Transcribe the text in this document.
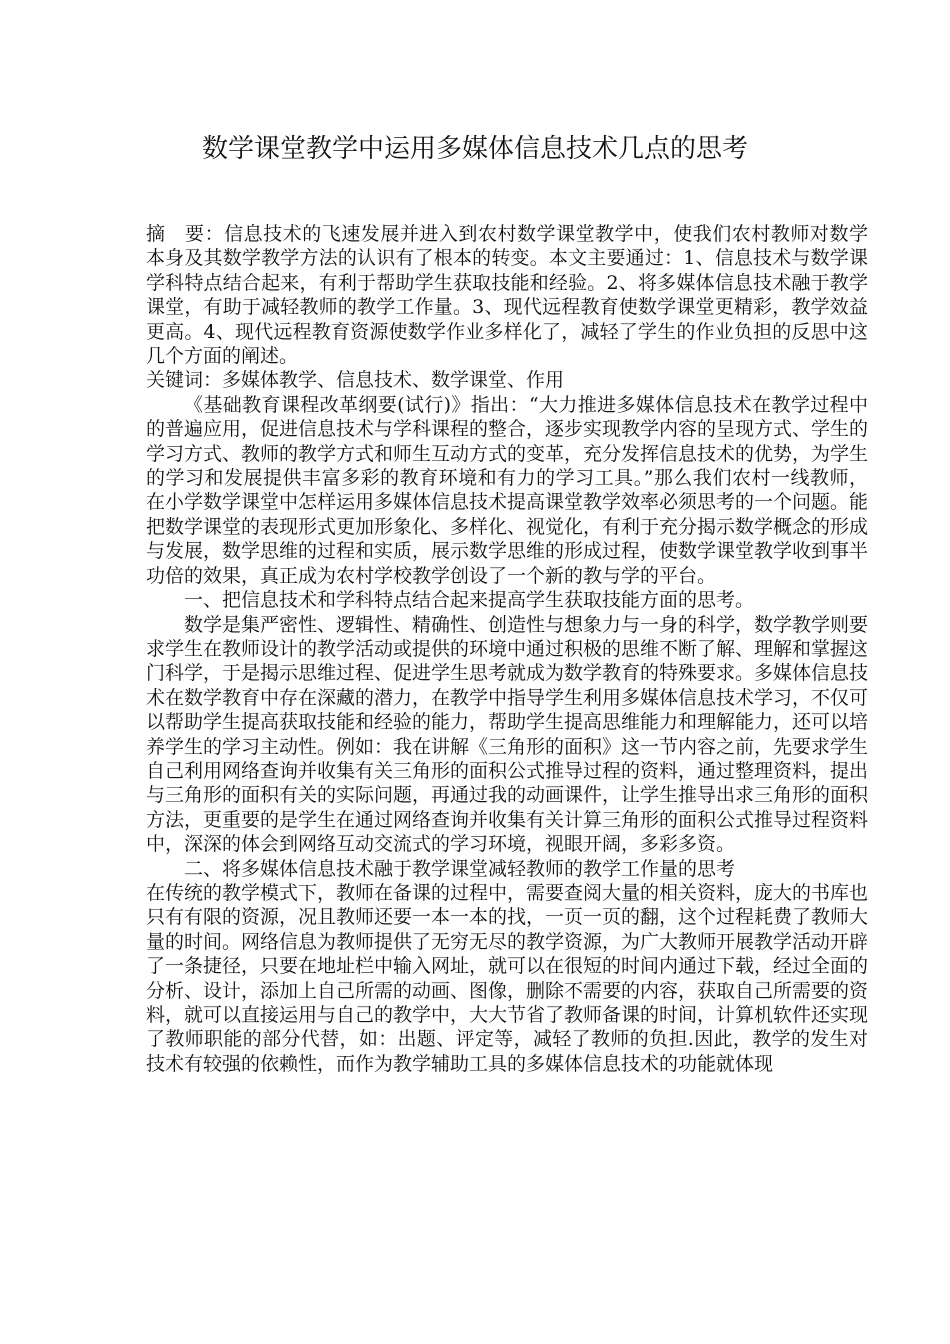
数学课堂教学中运用多媒体信息技术几点的思考

摘　要：信息技术的飞速发展并进入到农村数学课堂教学中，使我们农村教师对数学本身及其数学教学方法的认识有了根本的转变。本文主要通过：1、信息技术与数学课学科特点结合起来，有利于帮助学生获取技能和经验。2、将多媒体信息技术融于教学课堂，有助于减轻教师的教学工作量。3、现代远程教育使数学课堂更精彩，教学效益更高。4、现代远程教育资源使数学作业多样化了，减轻了学生的作业负担的反思中这几个方面的阐述。

关键词：多媒体教学、信息技术、数学课堂、作用

《基础教育课程改革纲要(试行)》指出：“大力推进多媒体信息技术在教学过程中的普遍应用，促进信息技术与学科课程的整合，逐步实现教学内容的呈现方式、学生的学习方式、教师的教学方式和师生互动方式的变革，充分发挥信息技术的优势，为学生的学习和发展提供丰富多彩的教育环境和有力的学习工具。”那么我们农村一线教师，在小学数学课堂中怎样运用多媒体信息技术提高课堂教学效率必须思考的一个问题。能把数学课堂的表现形式更加形象化、多样化、视觉化，有利于充分揭示数学概念的形成与发展，数学思维的过程和实质，展示数学思维的形成过程，使数学课堂教学收到事半功倍的效果，真正成为农村学校教学创设了一个新的教与学的平台。

一、把信息技术和学科特点结合起来提高学生获取技能方面的思考。

数学是集严密性、逻辑性、精确性、创造性与想象力与一身的科学，数学教学则要求学生在教师设计的教学活动或提供的环境中通过积极的思维不断了解、理解和掌握这门科学，于是揭示思维过程、促进学生思考就成为数学教育的特殊要求。多媒体信息技术在数学教育中存在深藏的潜力，在教学中指导学生利用多媒体信息技术学习，不仅可以帮助学生提高获取技能和经验的能力，帮助学生提高思维能力和理解能力，还可以培养学生的学习主动性。例如：我在讲解《三角形的面积》这一节内容之前，先要求学生自己利用网络查询并收集有关三角形的面积公式推导过程的资料，通过整理资料，提出与三角形的面积有关的实际问题，再通过我的动画课件，让学生推导出求三角形的面积方法，更重要的是学生在通过网络查询并收集有关计算三角形的面积公式推导过程资料中，深深的体会到网络互动交流式的学习环境，视眼开阔，多彩多资。

二、将多媒体信息技术融于教学课堂减轻教师的教学工作量的思考

在传统的教学模式下，教师在备课的过程中，需要查阅大量的相关资料，庞大的书库也只有有限的资源，况且教师还要一本一本的找，一页一页的翻，这个过程耗费了教师大量的时间。网络信息为教师提供了无穷无尽的教学资源，为广大教师开展教学活动开辟了一条捷径，只要在地址栏中输入网址，就可以在很短的时间内通过下载，经过全面的分析、设计，添加上自己所需的动画、图像，删除不需要的内容，获取自己所需要的资料，就可以直接运用与自己的教学中，大大节省了教师备课的时间，计算机软件还实现了教师职能的部分代替，如：出题、评定等，减轻了教师的负担.因此，教学的发生对技术有较强的依赖性，而作为教学辅助工具的多媒体信息技术的功能就体现
